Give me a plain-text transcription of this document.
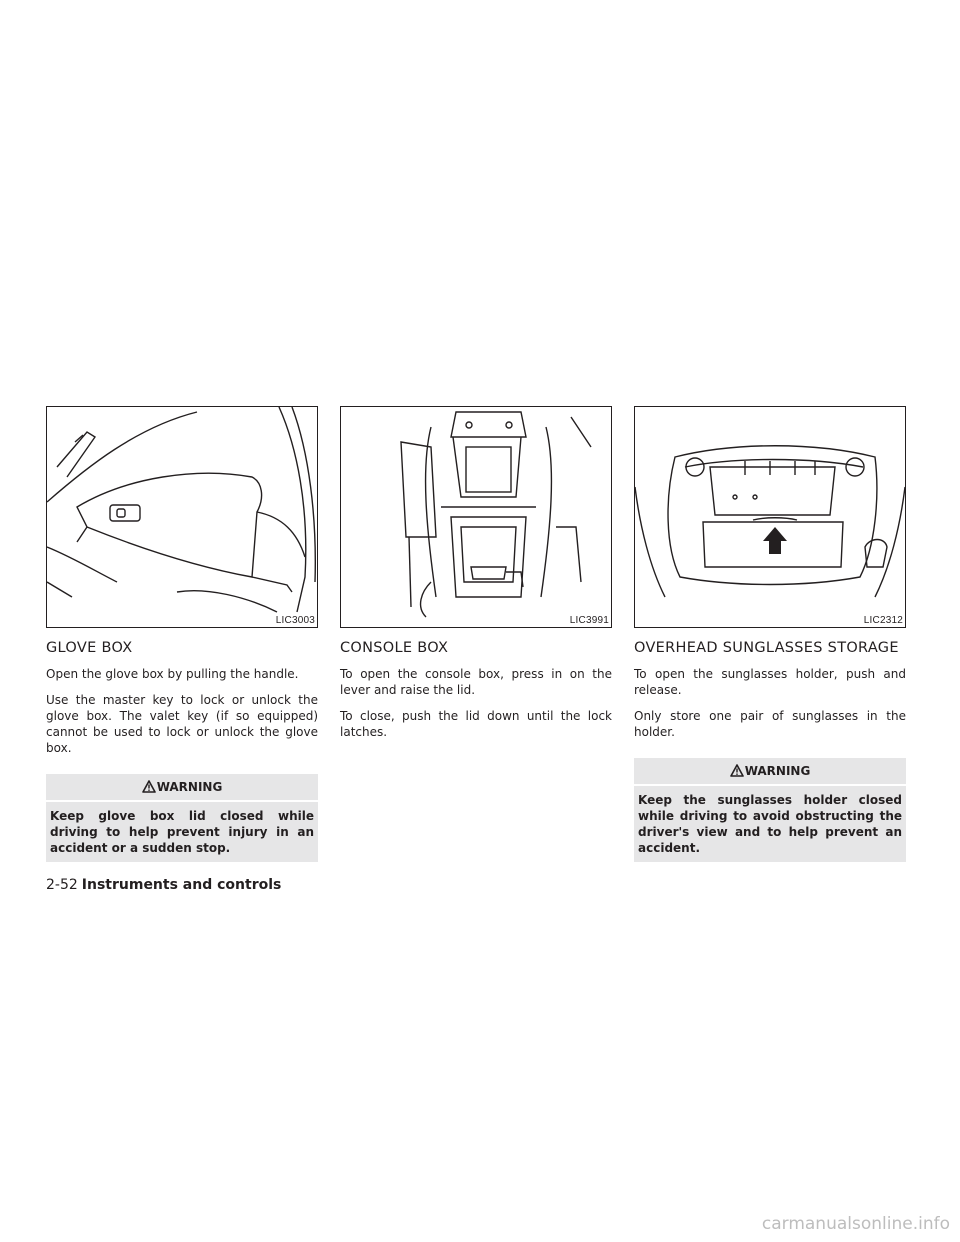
LIC3003
GLOVE BOX

Open the glove box by pulling the handle.

Use the master key to lock or unlock the glove box. The valet key (if so equipped) cannot be used to lock or unlock the glove box.

WARNING
Keep glove box lid closed while driving to help prevent injury in an accident or a sudden stop.
LIC3991
CONSOLE BOX

To open the console box, press in on the lever and raise the lid.

To close, push the lid down until the lock latches.

LIC2312
OVERHEAD SUNGLASSES STORAGE

To open the sunglasses holder, push and release.

Only store one pair of sunglasses in the holder.

WARNING
Keep the sunglasses holder closed while driving to avoid obstructing the driver's view and to help prevent an accident.
2-52 Instruments and controls
carmanualsonline.info
